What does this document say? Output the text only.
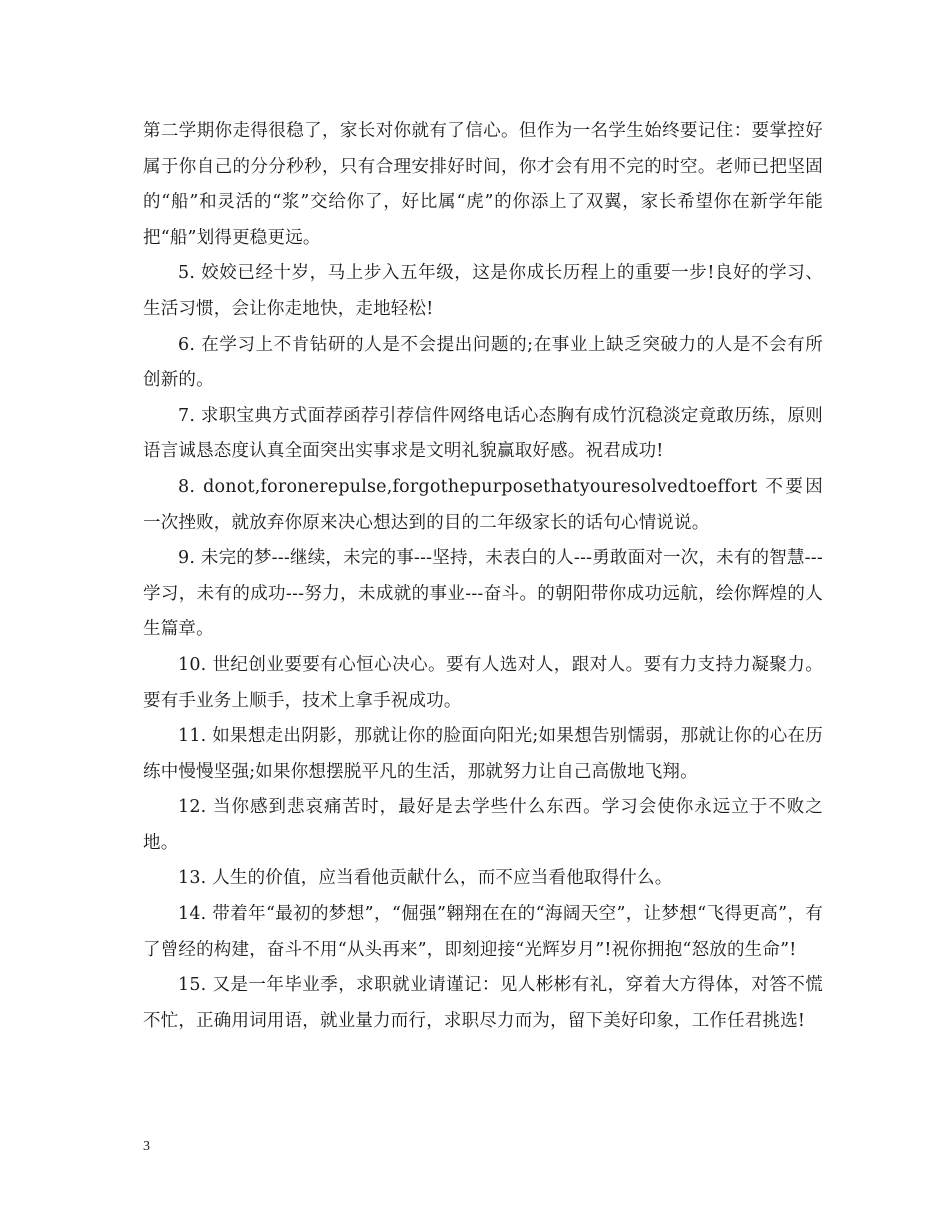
第二学期你走得很稳了，家长对你就有了信心。但作为一名学生始终要记住：要掌控好属于你自己的分分秒秒，只有合理安排好时间，你才会有用不完的时空。老师已把坚固的“船”和灵活的“浆”交给你了，好比属“虎”的你添上了双翼，家长希望你在新学年能把“船”划得更稳更远。

5. 姣姣已经十岁，马上步入五年级，这是你成长历程上的重要一步!良好的学习、生活习惯，会让你走地快，走地轻松!

6. 在学习上不肯钻研的人是不会提出问题的;在事业上缺乏突破力的人是不会有所创新的。

7. 求职宝典方式面荐函荐引荐信件网络电话心态胸有成竹沉稳淡定竟敢历练，原则语言诚恳态度认真全面突出实事求是文明礼貌赢取好感。祝君成功!

8. donot,foronerepulse,forgothepurposethatyouresolvedtoeffort 不要因一次挫败，就放弃你原来决心想达到的目的二年级家长的话句心情说说。

9. 未完的梦---继续，未完的事---坚持，未表白的人---勇敢面对一次，未有的智慧---学习，未有的成功---努力，未成就的事业---奋斗。的朝阳带你成功远航，绘你辉煌的人生篇章。

10. 世纪创业要要有心恒心决心。要有人选对人，跟对人。要有力支持力凝聚力。要有手业务上顺手，技术上拿手祝成功。

11. 如果想走出阴影，那就让你的脸面向阳光;如果想告别懦弱，那就让你的心在历练中慢慢坚强;如果你想摆脱平凡的生活，那就努力让自己高傲地飞翔。

12. 当你感到悲哀痛苦时，最好是去学些什么东西。学习会使你永远立于不败之地。

13. 人生的价值，应当看他贡献什么，而不应当看他取得什么。

14. 带着年“最初的梦想”，“倔强”翱翔在在的“海阔天空”，让梦想“飞得更高”，有了曾经的构建，奋斗不用“从头再来”，即刻迎接“光辉岁月”!祝你拥抱“怒放的生命”!

15. 又是一年毕业季，求职就业请谨记：见人彬彬有礼，穿着大方得体，对答不慌不忙，正确用词用语，就业量力而行，求职尽力而为，留下美好印象，工作任君挑选!

3
